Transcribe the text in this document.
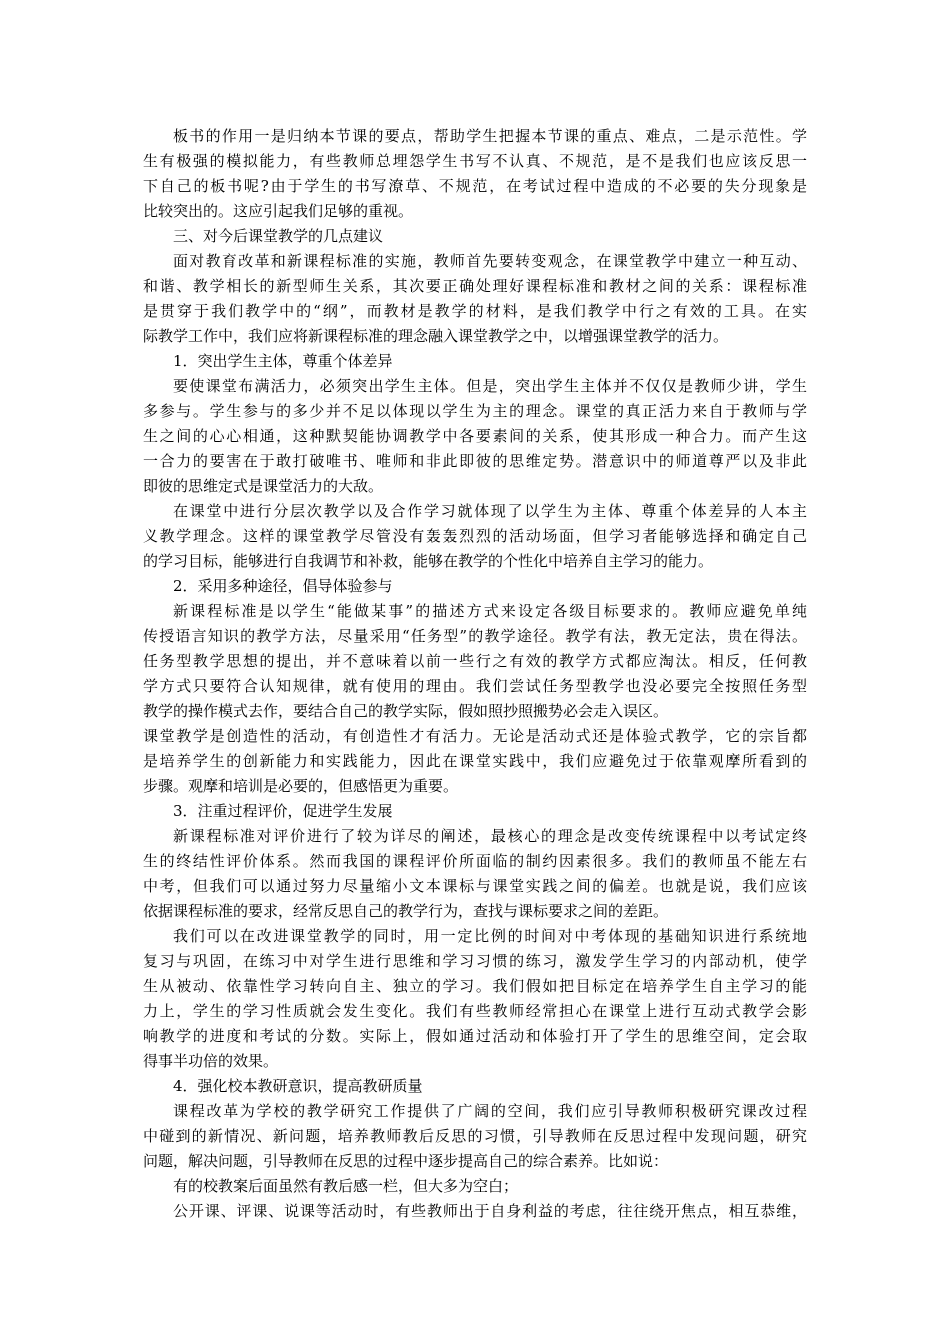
板书的作用一是归纳本节课的要点，帮助学生把握本节课的重点、难点，二是示范性。学
生有极强的模拟能力，有些教师总埋怨学生书写不认真、不规范，是不是我们也应该反思一
下自己的板书呢?由于学生的书写潦草、不规范，在考试过程中造成的不必要的失分现象是
比较突出的。这应引起我们足够的重视。
三、对今后课堂教学的几点建议
面对教育改革和新课程标准的实施，教师首先要转变观念，在课堂教学中建立一种互动、
和谐、教学相长的新型师生关系，其次要正确处理好课程标准和教材之间的关系：课程标准
是贯穿于我们教学中的“纲”，而教材是教学的材料，是我们教学中行之有效的工具。在实
际教学工作中，我们应将新课程标准的理念融入课堂教学之中，以增强课堂教学的活力。
1．突出学生主体，尊重个体差异
要使课堂布满活力，必须突出学生主体。但是，突出学生主体并不仅仅是教师少讲，学生
多参与。学生参与的多少并不足以体现以学生为主的理念。课堂的真正活力来自于教师与学
生之间的心心相通，这种默契能协调教学中各要素间的关系，使其形成一种合力。而产生这
一合力的要害在于敢打破唯书、唯师和非此即彼的思维定势。潜意识中的师道尊严以及非此
即彼的思维定式是课堂活力的大敌。
在课堂中进行分层次教学以及合作学习就体现了以学生为主体、尊重个体差异的人本主
义教学理念。这样的课堂教学尽管没有轰轰烈烈的活动场面，但学习者能够选择和确定自己
的学习目标，能够进行自我调节和补救，能够在教学的个性化中培养自主学习的能力。
2．采用多种途径，倡导体验参与
新课程标准是以学生“能做某事”的描述方式来设定各级目标要求的。教师应避免单纯
传授语言知识的教学方法，尽量采用“任务型”的教学途径。教学有法，教无定法，贵在得法。
任务型教学思想的提出，并不意味着以前一些行之有效的教学方式都应淘汰。相反，任何教
学方式只要符合认知规律，就有使用的理由。我们尝试任务型教学也没必要完全按照任务型
教学的操作模式去作，要结合自己的教学实际，假如照抄照搬势必会走入误区。
课堂教学是创造性的活动，有创造性才有活力。无论是活动式还是体验式教学，它的宗旨都
是培养学生的创新能力和实践能力，因此在课堂实践中，我们应避免过于依靠观摩所看到的
步骤。观摩和培训是必要的，但感悟更为重要。
3．注重过程评价，促进学生发展
新课程标准对评价进行了较为详尽的阐述，最核心的理念是改变传统课程中以考试定终
生的终结性评价体系。然而我国的课程评价所面临的制约因素很多。我们的教师虽不能左右
中考，但我们可以通过努力尽量缩小文本课标与课堂实践之间的偏差。也就是说，我们应该
依据课程标准的要求，经常反思自己的教学行为，查找与课标要求之间的差距。
我们可以在改进课堂教学的同时，用一定比例的时间对中考体现的基础知识进行系统地
复习与巩固，在练习中对学生进行思维和学习习惯的练习，激发学生学习的内部动机，使学
生从被动、依靠性学习转向自主、独立的学习。我们假如把目标定在培养学生自主学习的能
力上，学生的学习性质就会发生变化。我们有些教师经常担心在课堂上进行互动式教学会影
响教学的进度和考试的分数。实际上，假如通过活动和体验打开了学生的思维空间，定会取
得事半功倍的效果。
4．强化校本教研意识，提高教研质量
课程改革为学校的教学研究工作提供了广阔的空间，我们应引导教师积极研究课改过程
中碰到的新情况、新问题，培养教师教后反思的习惯，引导教师在反思过程中发现问题，研究
问题，解决问题，引导教师在反思的过程中逐步提高自己的综合素养。比如说：
有的校教案后面虽然有教后感一栏，但大多为空白；
公开课、评课、说课等活动时，有些教师出于自身利益的考虑，往往绕开焦点，相互恭维，
